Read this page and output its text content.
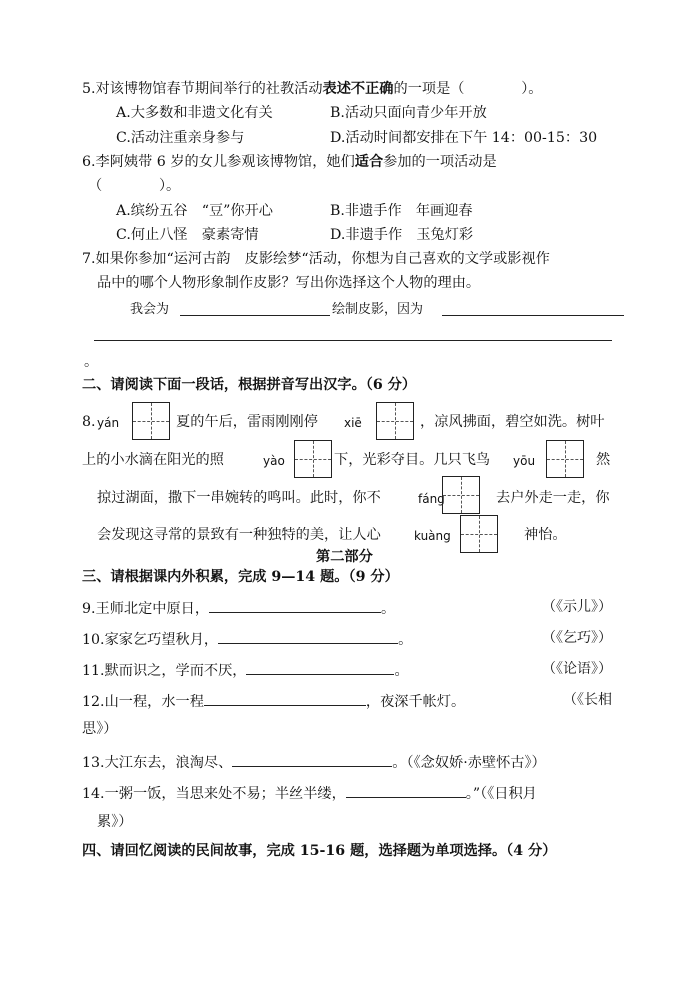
5.对该博物馆春节期间举行的社教活动表述不正确的一项是（　　　　）。
A.大多数和非遗文化有关	B.活动只面向青少年开放
C.活动注重亲身参与	D.活动时间都安排在下午 14：00-15：30
6.李阿姨带 6 岁的女儿参观该博物馆，她们适合参加的一项活动是
（　　　　）。
A.缤纷五谷　“豆”你开心	B.非遗手作　年画迎春
C.何止八怪　豪素寄情	D.非遗手作　玉兔灯彩
7.如果你参加“运河古韵　皮影绘梦“活动，你想为自己喜欢的文学或影视作
品中的哪个人物形象制作皮影？写出你选择这个人物的理由。
我会为	绘制皮影，因为
。
二、请阅读下面一段话，根据拼音写出汉字。（6 分）
8. yán	夏的午后，雷雨刚刚停 xiē	，凉风拂面，碧空如洗。树叶
上的小水滴在阳光的照	yào	下，光彩夺目。几只飞鸟 yōu	然
掠过湖面，撒下一串婉转的鸣叫。此时，你不	fáng	去户外走一走，你
会发现这寻常的景致有一种独特的美，让人心	kuàng	神怡。
第二部分
三、请根据课内外积累，完成 9—14 题。（9 分）
9.王师北定中原日，	。	（《示儿》）
10.家家乞巧望秋月，	。	（《乞巧》）
11.默而识之，学而不厌，	。	（《论语》）
12.山一程，水一程	，夜深千帐灯。	（《长相
思》）
13.大江东去，浪淘尽、	。（《念奴娇·赤壁怀古》）
14.一粥一饭，当思来处不易；半丝半缕，	。”（《日积月
累》）
四、请回忆阅读的民间故事，完成 15-16 题，选择题为单项选择。（4 分）
